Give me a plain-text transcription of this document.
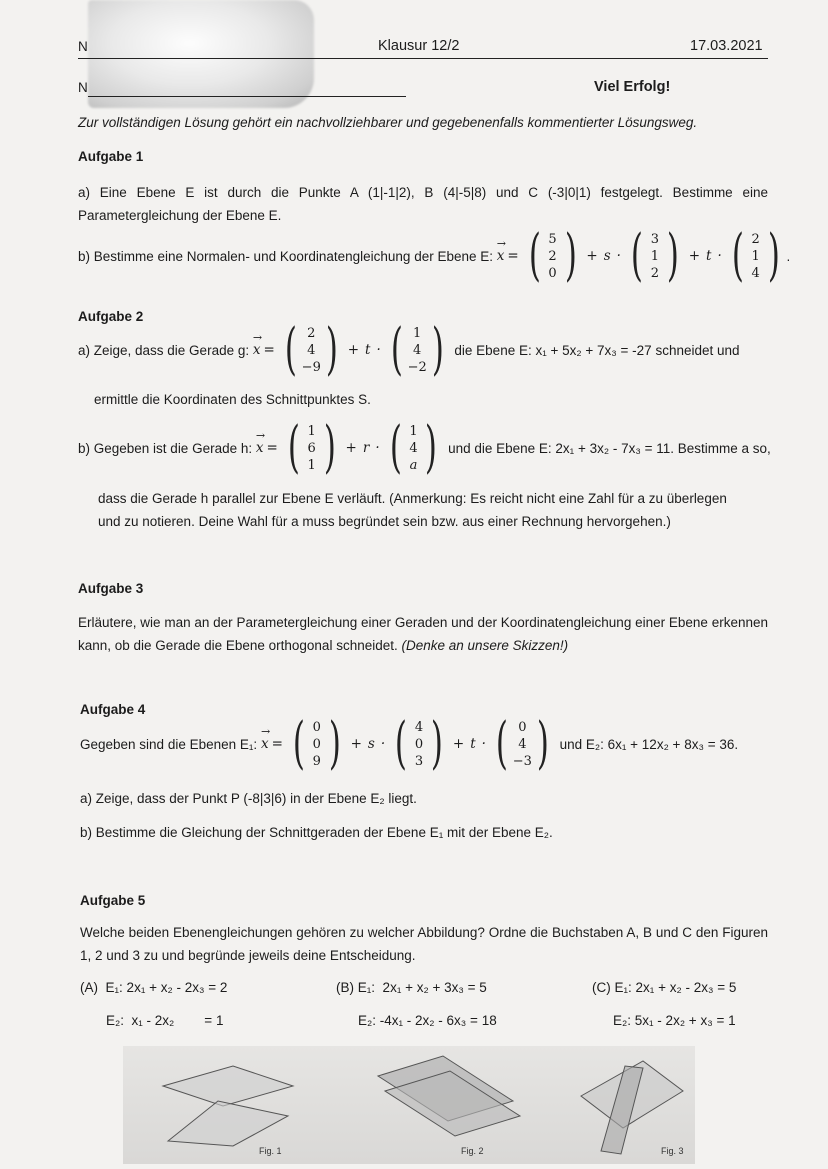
N	Klausur 12/2	17.03.2021
N	Viel Erfolg!
Zur vollständigen Lösung gehört ein nachvollziehbarer und gegebenenfalls kommentierter Lösungsweg.
Aufgabe 1
a) Eine Ebene E ist durch die Punkte A (1|-1|2), B (4|-5|8) und C (-3|0|1) festgelegt. Bestimme eine Parametergleichung der Ebene E.
b) Bestimme eine Normalen- und Koordinatengleichung der Ebene E:
→ x = ( 5
2
0 ) + s · ( 3
1
2 ) + t · ( 2
1
4 ) .
Aufgabe 2
a) Zeige, dass die Gerade g:
→ x = ( 2
4
−9 ) + t · ( 1
4
−2 )
die Ebene E: x₁ + 5x₂ + 7x₃ = -27 schneidet und
ermittle die Koordinaten des Schnittpunktes S.
b) Gegeben ist die Gerade h:
→ x = ( 1
6
1 ) + r · ( 1
4
a )
und die Ebene E: 2x₁ + 3x₂ - 7x₃ = 11. Bestimme a so,
dass die Gerade h parallel zur Ebene E verläuft. (Anmerkung: Es reicht nicht eine Zahl für a zu überlegen
und zu notieren. Deine Wahl für a muss begründet sein bzw. aus einer Rechnung hervorgehen.)
Aufgabe 3
Erläutere, wie man an der Parametergleichung einer Geraden und der Koordinatengleichung einer Ebene erkennen kann, ob die Gerade die Ebene orthogonal schneidet. (Denke an unsere Skizzen!)
Aufgabe 4
Gegeben sind die Ebenen E₁:
→ x = ( 0
0
9 ) + s · ( 4
0
3 ) + t · ( 0
4
−3 )
und E₂: 6x₁ + 12x₂ + 8x₃ = 36.
a) Zeige, dass der Punkt P (-8|3|6) in der Ebene E₂ liegt.
b) Bestimme die Gleichung der Schnittgeraden der Ebene E₁ mit der Ebene E₂.
Aufgabe 5
Welche beiden Ebenengleichungen gehören zu welcher Abbildung? Ordne die Buchstaben A, B und C den Figuren 1, 2 und 3 zu und begründe jeweils deine Entscheidung.
(A)  E₁: 2x₁ + x₂ - 2x₃ = 2
E₂:  x₁ - 2x₂        = 1
(B) E₁:  2x₁ + x₂ + 3x₃ = 5
E₂: -4x₁ - 2x₂ - 6x₃ = 18
(C) E₁: 2x₁ + x₂ - 2x₃ = 5
E₂: 5x₁ - 2x₂ + x₃ = 1
Fig. 1	Fig. 2	Fig. 3
